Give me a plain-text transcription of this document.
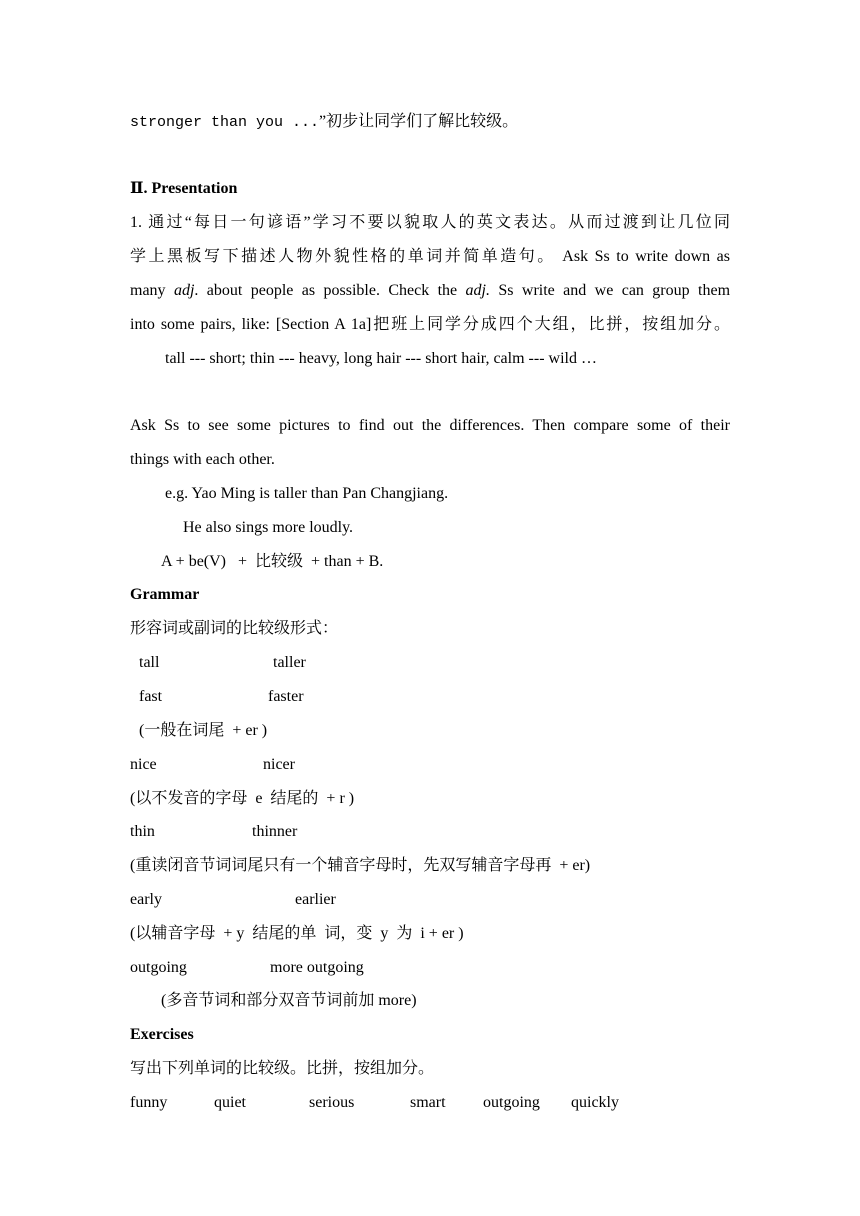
stronger than you ...”初步让同学们了解比较级。
Ⅱ. Presentation
1. 通过“每日一句谚语”学习不要以貌取人的英文表达。从而过渡到让几位同
学上黑板写下描述人物外貌性格的单词并简单造句。 Ask Ss to write down as
many adj. about people as possible. Check the adj. Ss write and we can group them
into some pairs, like: [Section A 1a]把班上同学分成四个大组，比拼，按组加分。
tall --- short; thin --- heavy, long hair --- short hair, calm --- wild …
Ask Ss to see some pictures to find out the differences. Then compare some of their
things with each other.
e.g. Yao Ming is taller than Pan Changjiang.
He also sings more loudly.
A + be(V)   +  比较级  + than + B.
Grammar
形容词或副词的比较级形式：
tall	taller
fast	faster
(一般在词尾  + er )
nice	nicer
(以不发音的字母  e  结尾的  + r )
thin	thinner
(重读闭音节词词尾只有一个辅音字母时，先双写辅音字母再  + er)
early	earlier
(以辅音字母  + y  结尾的单  词，变  y  为  i + er )
outgoing	more outgoing
(多音节词和部分双音节词前加 more)
Exercises
写出下列单词的比较级。比拼，按组加分。
funny	quiet	serious	smart outgoing quickly
